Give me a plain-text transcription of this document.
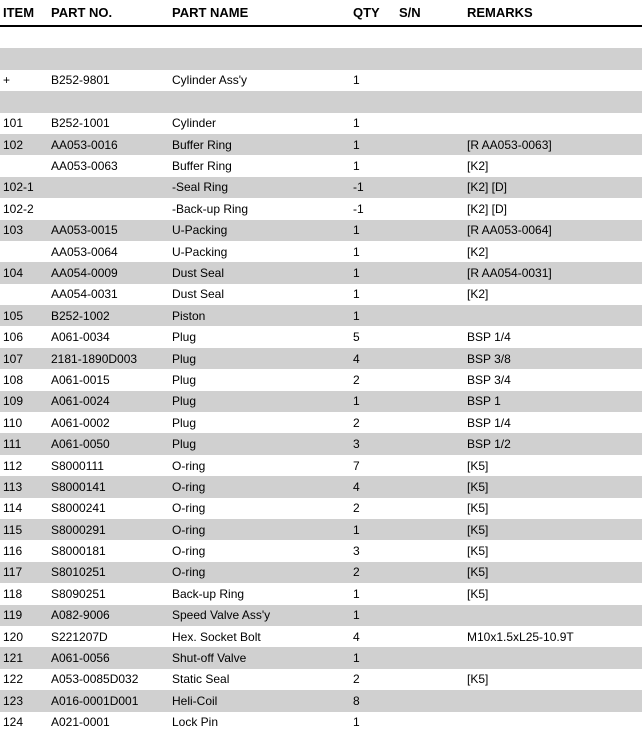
ITEM	PART NO.	PART NAME	QTY	S/N	REMARKS

+	B252-9801	Cylinder Ass'y	1		

101	B252-1001	Cylinder	1		
102	AA053-0016	Buffer Ring	1		[R AA053-0063]
	AA053-0063	Buffer Ring	1		[K2]
102-1		-Seal Ring	-1		[K2] [D]
102-2		-Back-up Ring	-1		[K2] [D]
103	AA053-0015	U-Packing	1		[R AA053-0064]
	AA053-0064	U-Packing	1		[K2]
104	AA054-0009	Dust Seal	1		[R AA054-0031]
	AA054-0031	Dust Seal	1		[K2]
105	B252-1002	Piston	1		
106	A061-0034	Plug	5		BSP 1/4
107	2181-1890D003	Plug	4		BSP 3/8
108	A061-0015	Plug	2		BSP 3/4
109	A061-0024	Plug	1		BSP 1
110	A061-0002	Plug	2		BSP 1/4
111	A061-0050	Plug	3		BSP 1/2
112	S8000111	O-ring	7		[K5]
113	S8000141	O-ring	4		[K5]
114	S8000241	O-ring	2		[K5]
115	S8000291	O-ring	1		[K5]
116	S8000181	O-ring	3		[K5]
117	S8010251	O-ring	2		[K5]
118	S8090251	Back-up Ring	1		[K5]
119	A082-9006	Speed Valve Ass'y	1		
120	S221207D	Hex. Socket Bolt	4		M10x1.5xL25-10.9T
121	A061-0056	Shut-off Valve	1		
122	A053-0085D032	Static Seal	2		[K5]
123	A016-0001D001	Heli-Coil	8		
124	A021-0001	Lock Pin	1		
